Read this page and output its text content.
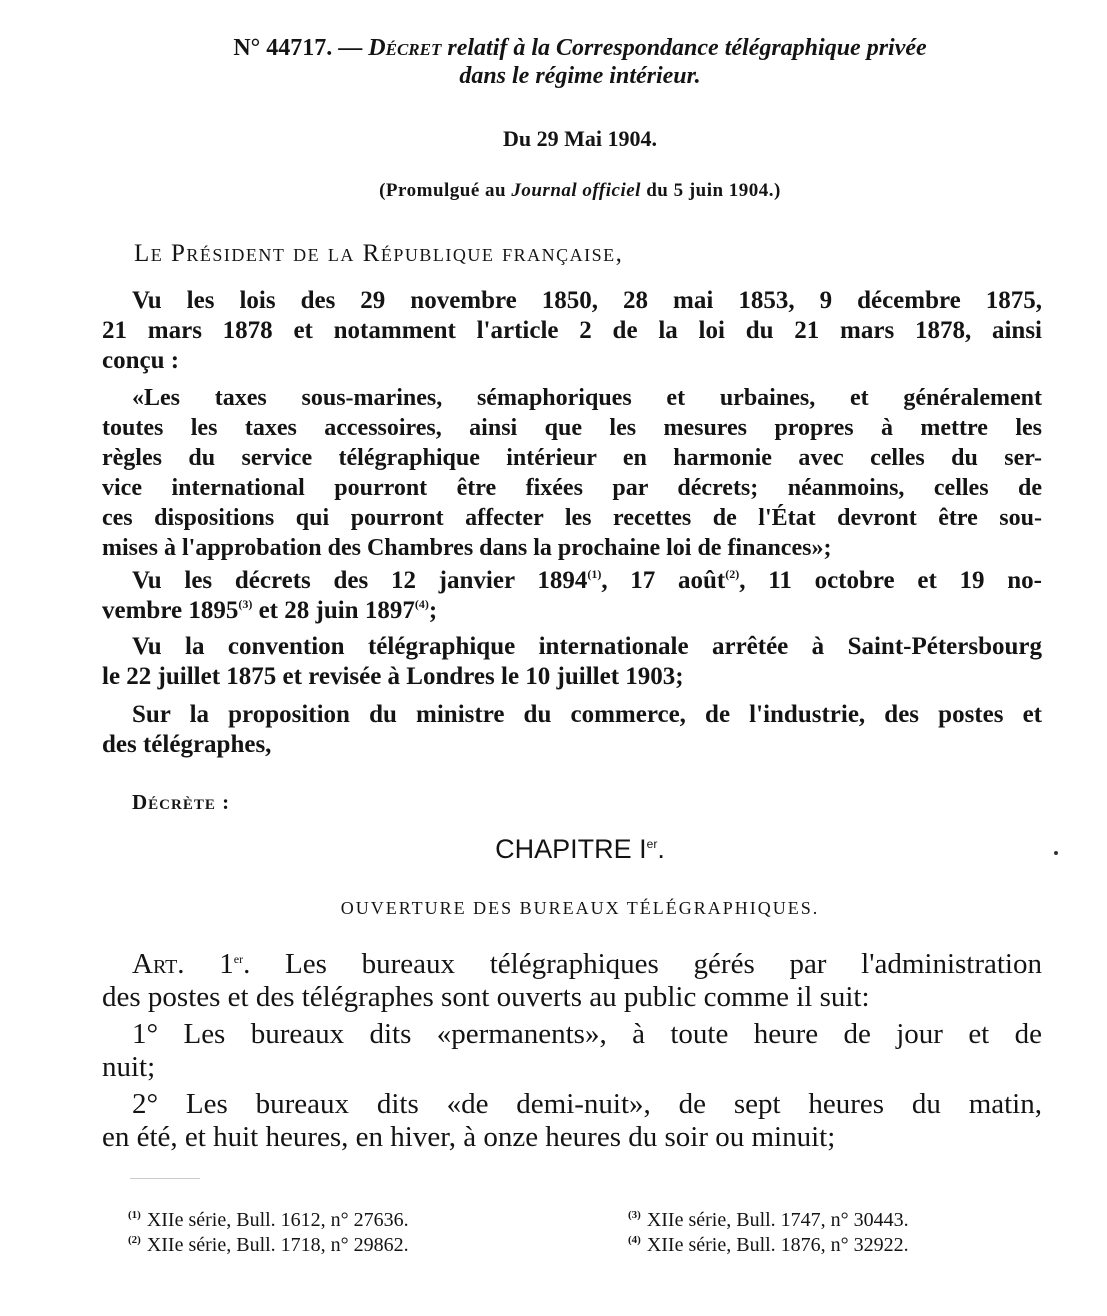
N° 44717. — Décret relatif à la Correspondance télégraphique privée
dans le régime intérieur.
Du 29 Mai 1904.
(Promulgué au Journal officiel du 5 juin 1904.)
Le Président de la République française,
Vu les lois des 29 novembre 1850, 28 mai 1853, 9 décembre 1875,
21 mars 1878 et notamment l'article 2 de la loi du 21 mars 1878, ainsi
conçu :
«Les taxes sous-marines, sémaphoriques et urbaines, et généralement
toutes les taxes accessoires, ainsi que les mesures propres à mettre les
règles du service télégraphique intérieur en harmonie avec celles du ser-
vice international pourront être fixées par décrets; néanmoins, celles de
ces dispositions qui pourront affecter les recettes de l'État devront être sou-
mises à l'approbation des Chambres dans la prochaine loi de finances»;
Vu les décrets des 12 janvier 1894$^{(1)}$, 17 août$^{(2)}$, 11 octobre et 19 no-
vembre 1895$^{(3)}$ et 28 juin 1897$^{(4)}$;
Vu la convention télégraphique internationale arrêtée à Saint-Pétersbourg
le 22 juillet 1875 et revisée à Londres le 10 juillet 1903;
Sur la proposition du ministre du commerce, de l'industrie, des postes et
des télégraphes,
Décrète :
CHAPITRE Ier.
OUVERTURE DES BUREAUX TÉLÉGRAPHIQUES.
Art. 1er. Les bureaux télégraphiques gérés par l'administration
des postes et des télégraphes sont ouverts au public comme il suit:
1° Les bureaux dits «permanents», à toute heure de jour et de
nuit;
2° Les bureaux dits «de demi-nuit», de sept heures du matin,
en été, et huit heures, en hiver, à onze heures du soir ou minuit;
$^{(1)}$ XIIe série, Bull. 1612, n° 27636.
$^{(2)}$ XIIe série, Bull. 1718, n° 29862.
$^{(3)}$ XIIe série, Bull. 1747, n° 30443.
$^{(4)}$ XIIe série, Bull. 1876, n° 32922.
